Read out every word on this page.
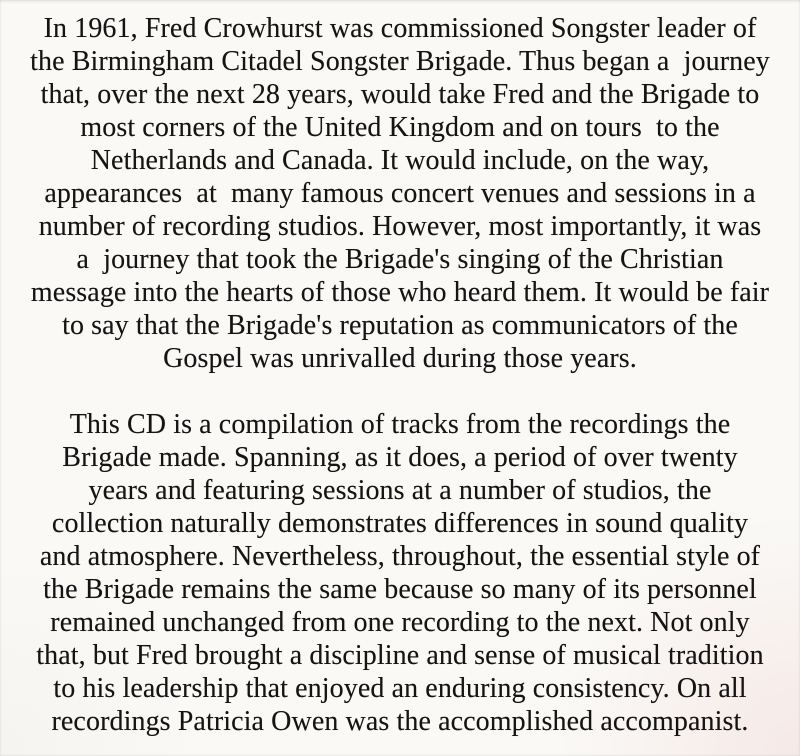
In 1961, Fred Crowhurst was commissioned Songster leader of
the Birmingham Citadel Songster Brigade. Thus began a  journey
that, over the next 28 years, would take Fred and the Brigade to
most corners of the United Kingdom and on tours  to the
Netherlands and Canada. It would include, on the way,
appearances  at  many famous concert venues and sessions in a
number of recording studios. However, most importantly, it was
a  journey that took the Brigade's singing of the Christian
message into the hearts of those who heard them. It would be fair
to say that the Brigade's reputation as communicators of the
Gospel was unrivalled during those years.
This CD is a compilation of tracks from the recordings the
Brigade made. Spanning, as it does, a period of over twenty
years and featuring sessions at a number of studios, the
collection naturally demonstrates differences in sound quality
and atmosphere. Nevertheless, throughout, the essential style of
the Brigade remains the same because so many of its personnel
remained unchanged from one recording to the next. Not only
that, but Fred brought a discipline and sense of musical tradition
to his leadership that enjoyed an enduring consistency. On all
recordings Patricia Owen was the accomplished accompanist.
